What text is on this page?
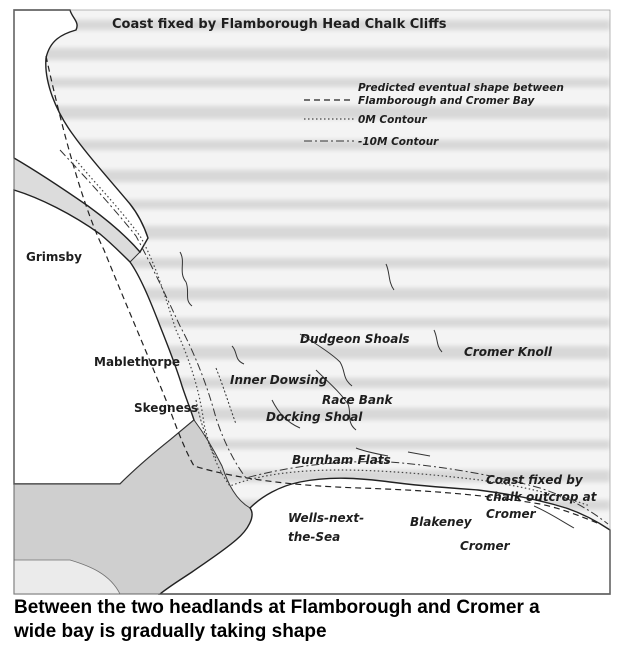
Predicted eventual shape between
Flamborough and Cromer Bay
0M Contour
-10M Contour
Coast fixed by Flamborough Head Chalk Cliffs
Grimsby
Mablethorpe
Skegness
Wells-next-
the-Sea
Blakeney
Cromer
Dudgeon Shoals
Cromer Knoll
Inner Dowsing
Race Bank
Docking Shoal
Burnham Flats
Coast fixed by
chalk outcrop at
Cromer

Between the two headlands at Flamborough and Cromer a
wide bay is gradually taking shape
